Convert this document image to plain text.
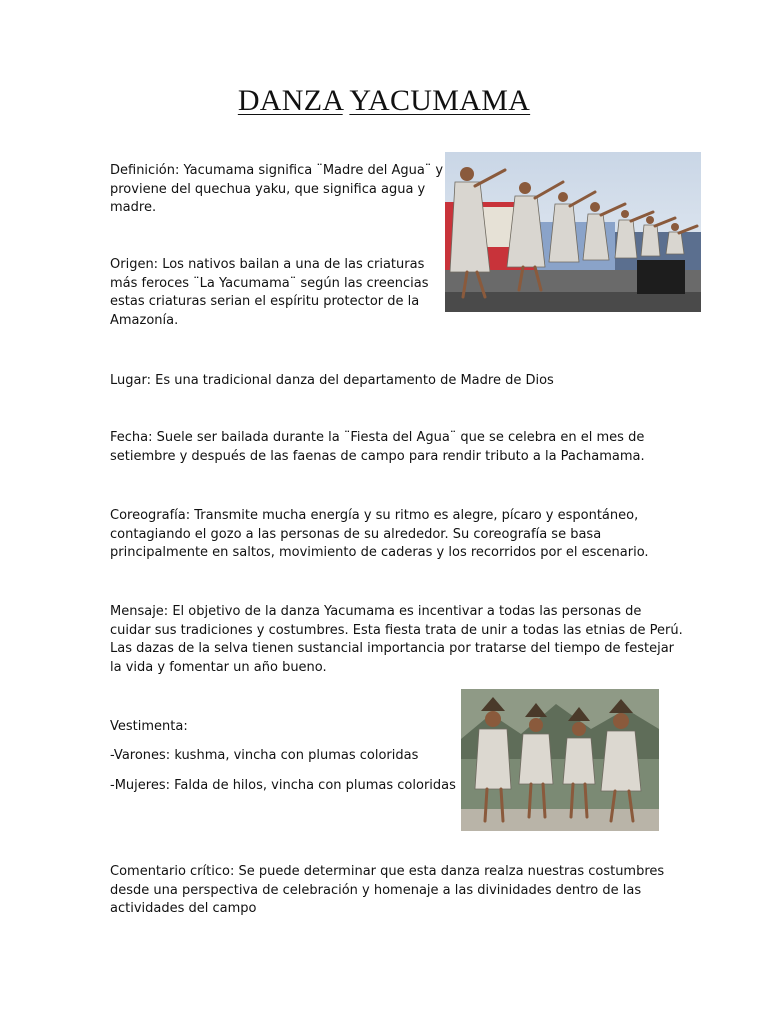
DANZA YACUMAMA

Definición: Yacumama significa ¨Madre del Agua¨ y
proviene del quechua yaku, que significa agua y
madre.

Origen: Los nativos bailan a una de las criaturas
más feroces ¨La Yacumama¨ según las creencias
estas criaturas serian el espíritu protector de la
Amazonía.

Lugar: Es una tradicional danza del departamento de Madre de Dios

Fecha: Suele ser bailada durante la ¨Fiesta del Agua¨ que se celebra en el mes de
setiembre y después de las faenas de campo para rendir tributo a la Pachamama.

Coreografía: Transmite mucha energía y su ritmo es alegre, pícaro y espontáneo,
contagiando el gozo a las personas de su alrededor. Su coreografía se basa
principalmente en saltos, movimiento de caderas y los recorridos por el escenario.

Mensaje: El objetivo de la danza Yacumama es incentivar a todas las personas de
cuidar sus tradiciones y costumbres. Esta fiesta trata de unir a todas las etnias de Perú.
Las dazas de la selva tienen sustancial importancia por tratarse del tiempo de festejar
la vida y fomentar un año bueno.

Vestimenta:

-Varones: kushma, vincha con plumas coloridas

-Mujeres: Falda de hilos, vincha con plumas coloridas

Comentario crítico: Se puede determinar que esta danza realza nuestras costumbres
desde una perspectiva de celebración y homenaje a las divinidades dentro de las
actividades del campo
